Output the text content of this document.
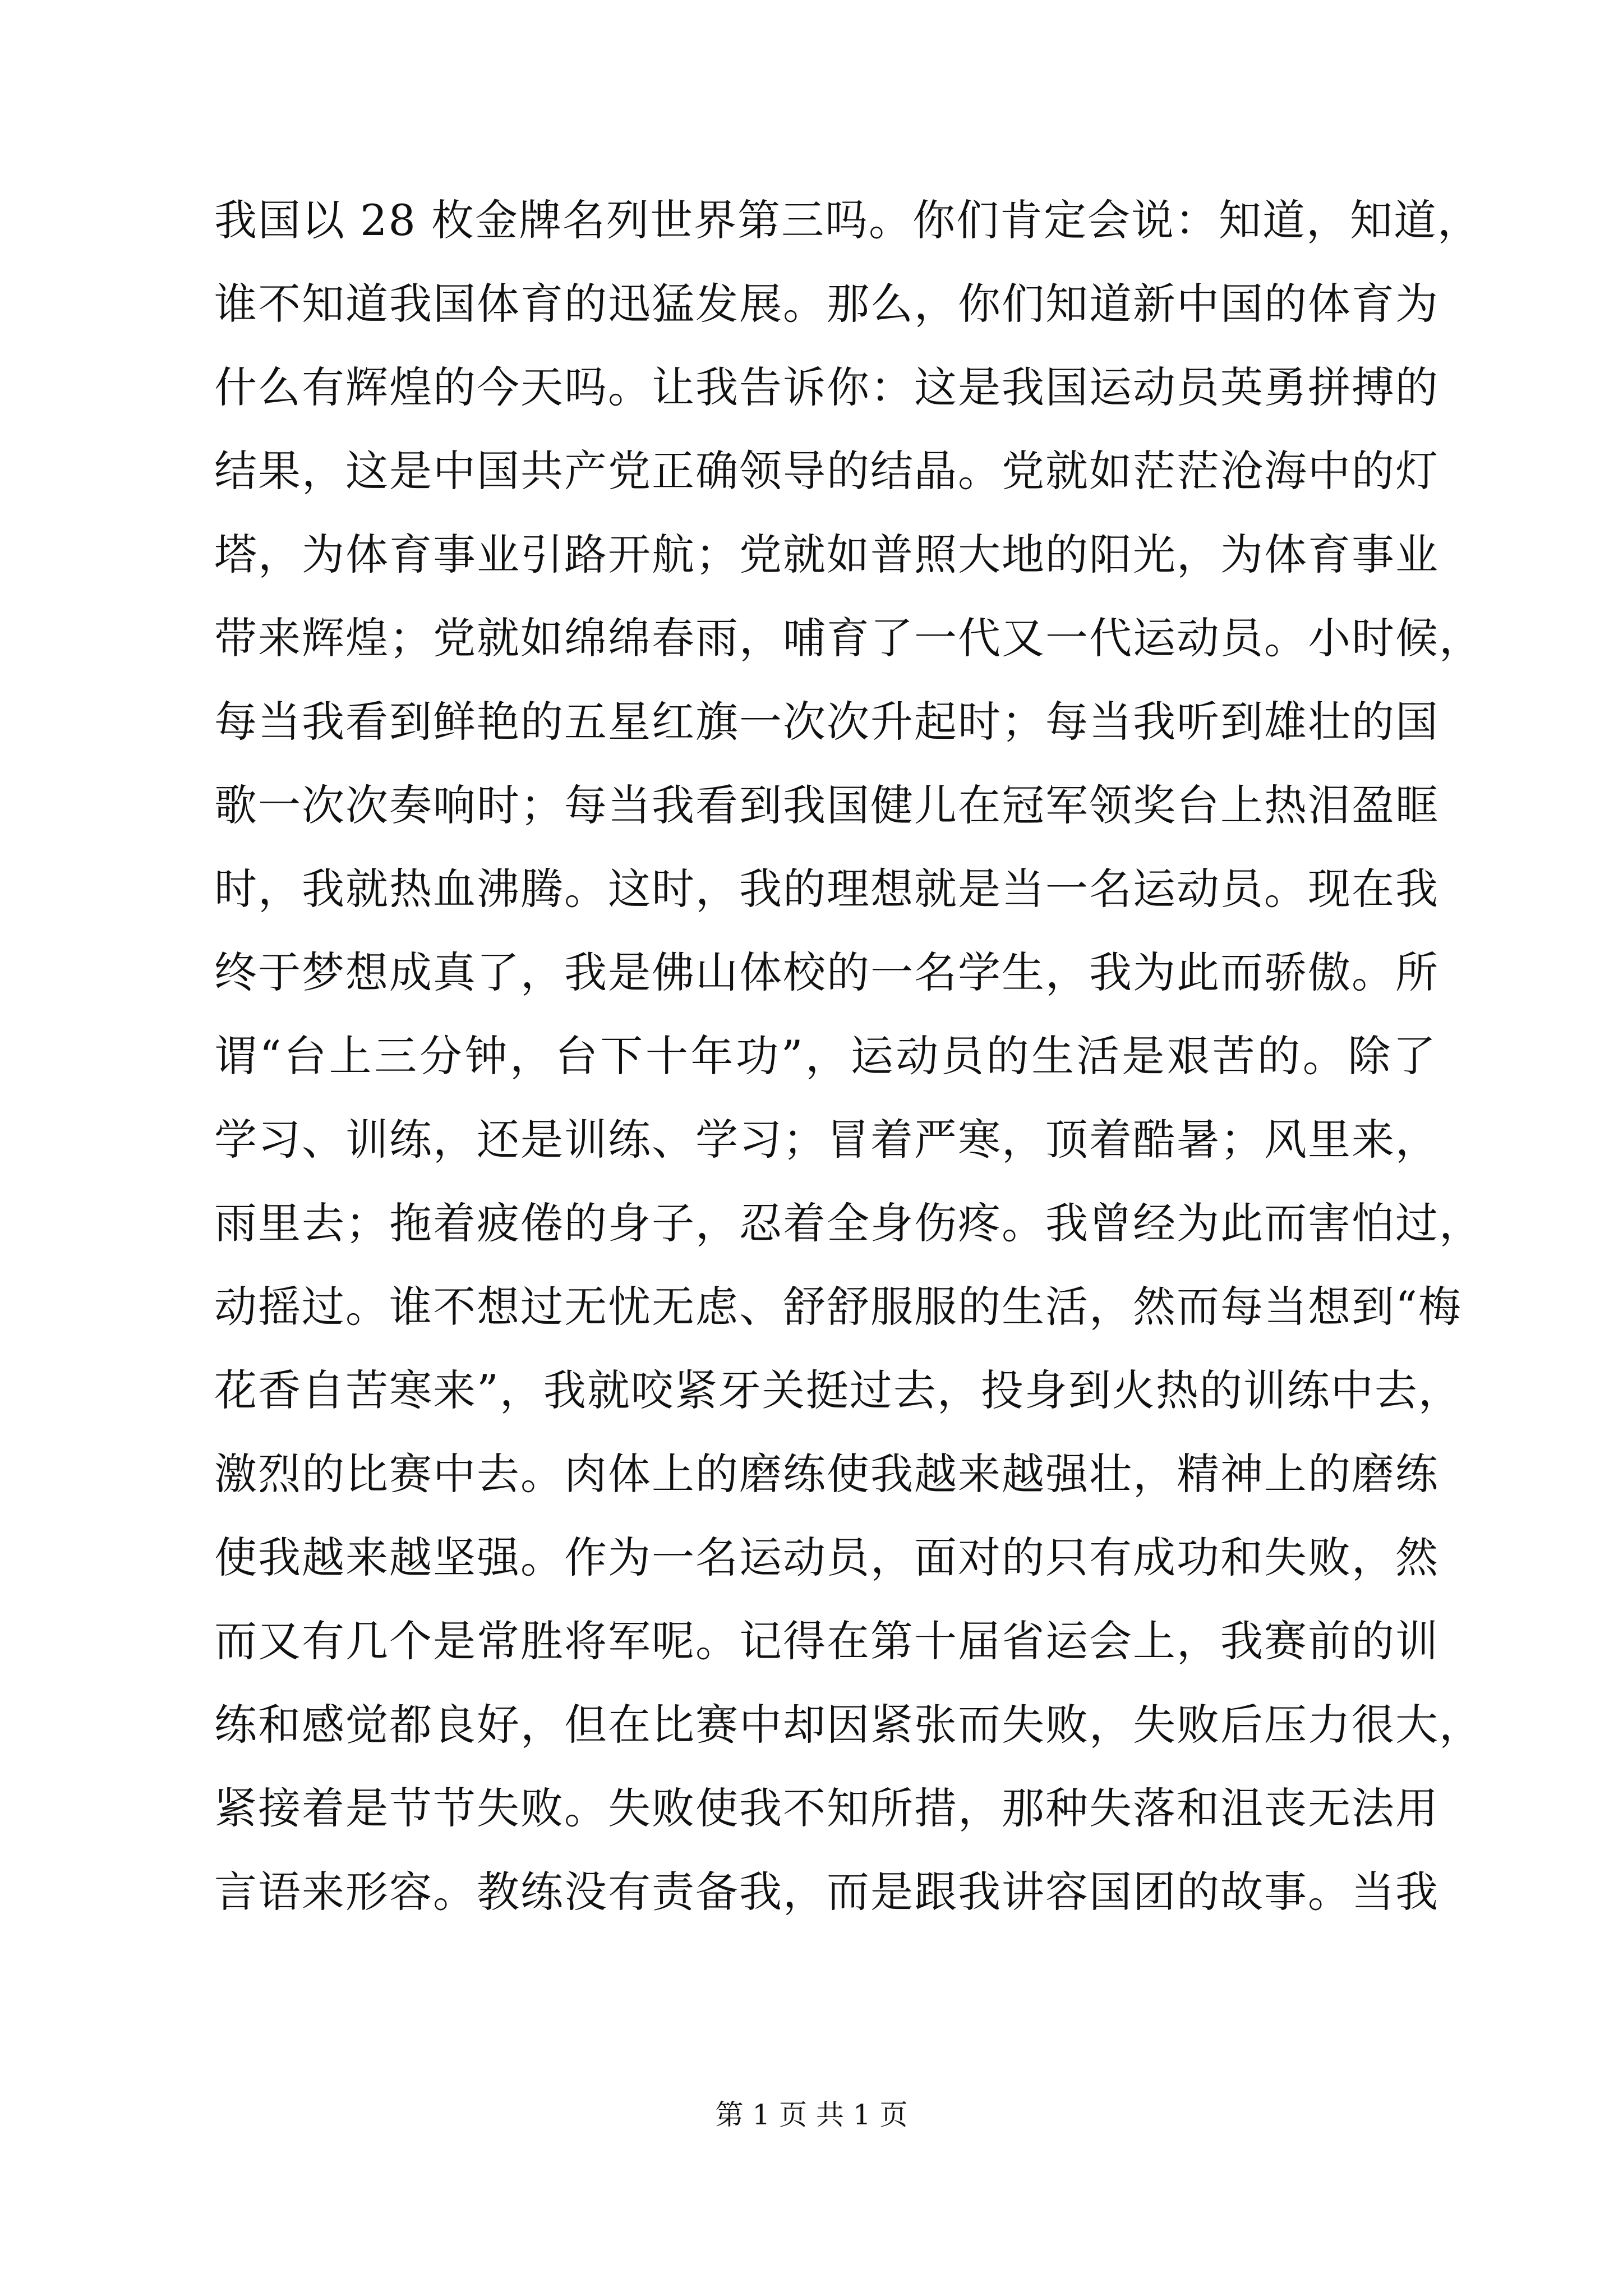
我国以 28 枚金牌名列世界第三吗。你们肯定会说：知道，知道，
谁不知道我国体育的迅猛发展。那么，你们知道新中国的体育为
什么有辉煌的今天吗。让我告诉你：这是我国运动员英勇拼搏的
结果，这是中国共产党正确领导的结晶。党就如茫茫沧海中的灯
塔，为体育事业引路开航；党就如普照大地的阳光，为体育事业
带来辉煌；党就如绵绵春雨，哺育了一代又一代运动员。小时候，
每当我看到鲜艳的五星红旗一次次升起时；每当我听到雄壮的国
歌一次次奏响时；每当我看到我国健儿在冠军领奖台上热泪盈眶
时，我就热血沸腾。这时，我的理想就是当一名运动员。现在我
终于梦想成真了，我是佛山体校的一名学生，我为此而骄傲。所
谓“台上三分钟，台下十年功”，运动员的生活是艰苦的。除了
学习、训练，还是训练、学习；冒着严寒，顶着酷暑；风里来，
雨里去；拖着疲倦的身子，忍着全身伤疼。我曾经为此而害怕过，
动摇过。谁不想过无忧无虑、舒舒服服的生活，然而每当想到“梅
花香自苦寒来”，我就咬紧牙关挺过去，投身到火热的训练中去，
激烈的比赛中去。肉体上的磨练使我越来越强壮，精神上的磨练
使我越来越坚强。作为一名运动员，面对的只有成功和失败，然
而又有几个是常胜将军呢。记得在第十届省运会上，我赛前的训
练和感觉都良好，但在比赛中却因紧张而失败，失败后压力很大，
紧接着是节节失败。失败使我不知所措，那种失落和沮丧无法用
言语来形容。教练没有责备我，而是跟我讲容国团的故事。当我
第 1 页 共 1 页
